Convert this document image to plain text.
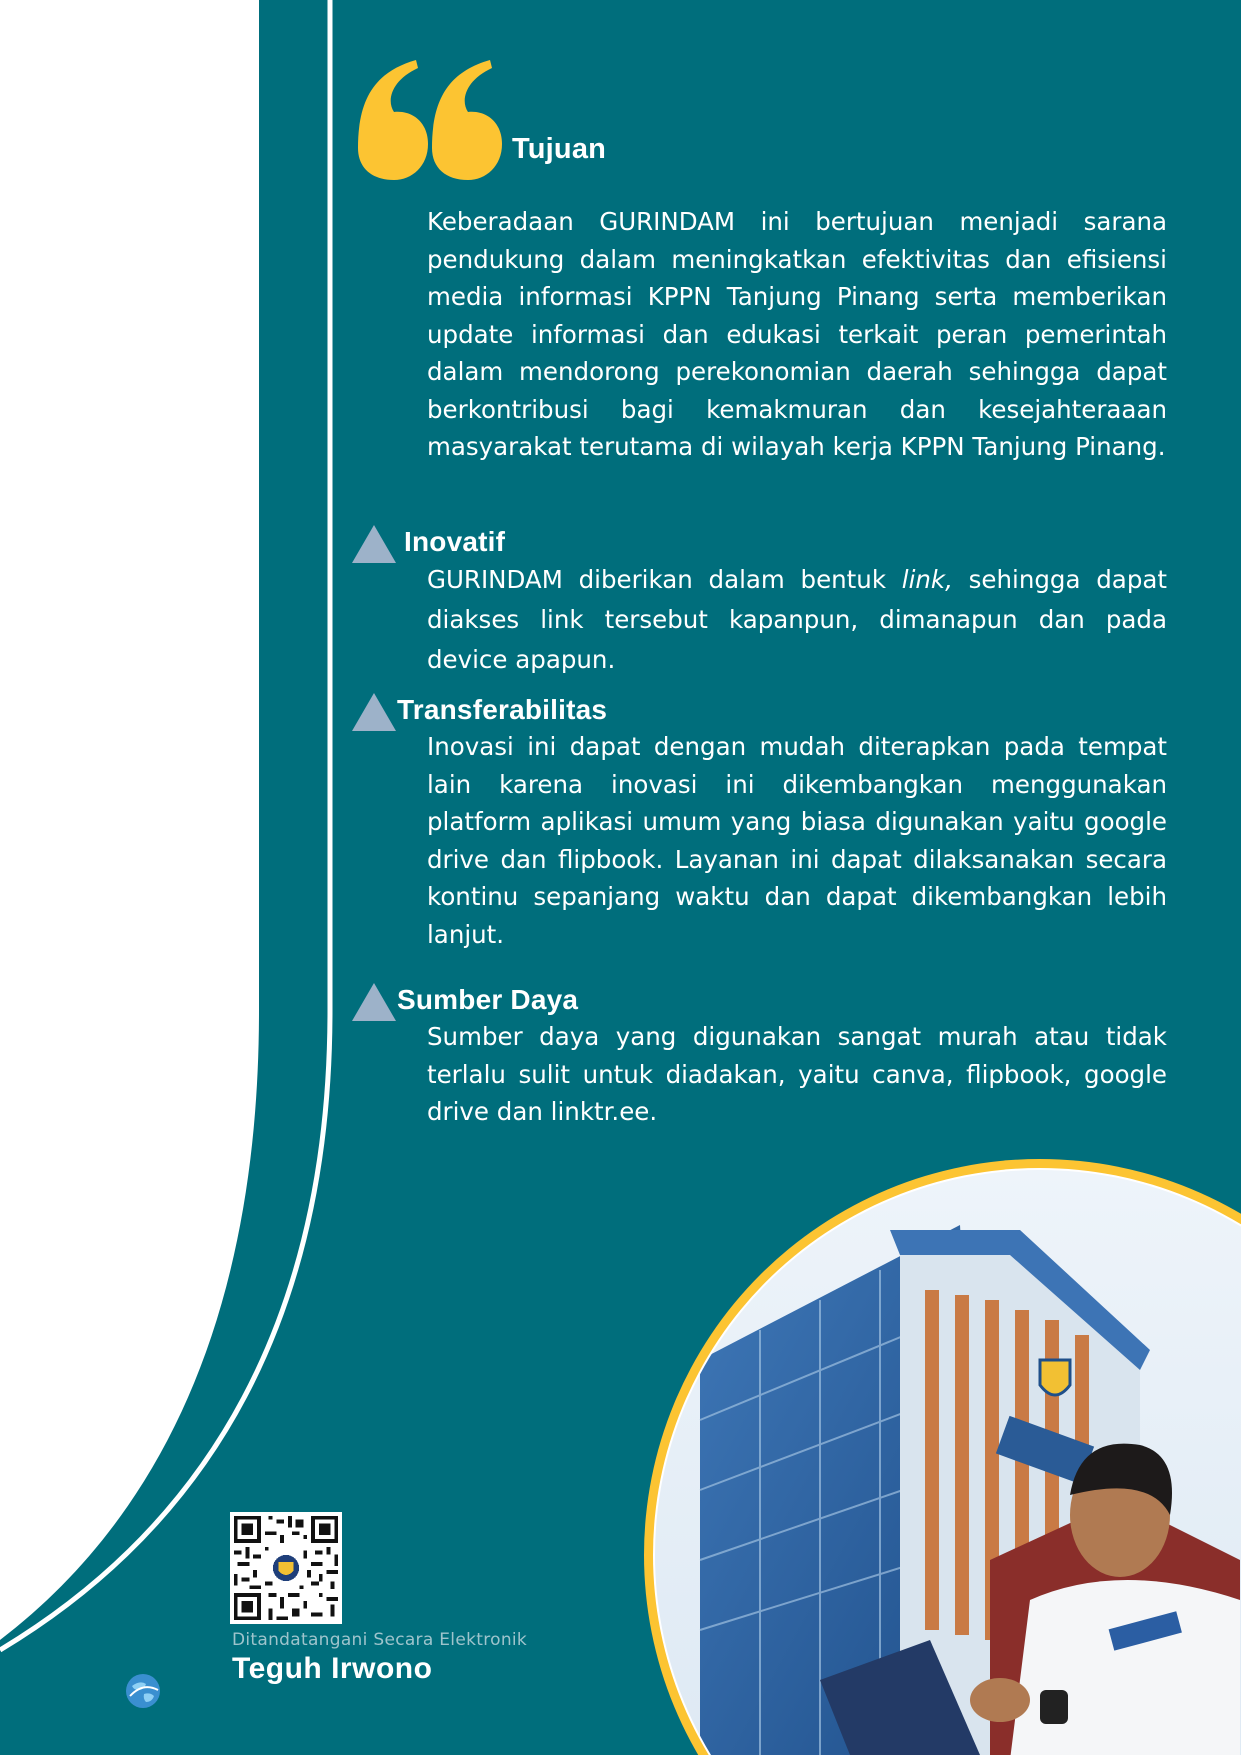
Tujuan

Keberadaan GURINDAM ini bertujuan menjadi sarana pendukung dalam meningkatkan efektivitas dan efisiensi media informasi KPPN Tanjung Pinang serta memberikan update informasi dan edukasi terkait peran pemerintah dalam mendorong perekonomian daerah sehingga dapat berkontribusi bagi kemakmuran dan kesejahteraaan masyarakat terutama di wilayah kerja KPPN Tanjung Pinang.

Inovatif

GURINDAM diberikan dalam bentuk link, sehingga dapat diakses link tersebut kapanpun, dimanapun dan pada device apapun.

Transferabilitas

Inovasi ini dapat dengan mudah diterapkan pada tempat lain karena inovasi ini dikembangkan menggunakan platform aplikasi umum yang biasa digunakan yaitu google drive dan flipbook. Layanan ini dapat dilaksanakan secara kontinu sepanjang waktu dan dapat dikembangkan lebih lanjut.

Sumber Daya

Sumber daya yang digunakan sangat murah atau tidak terlalu sulit untuk diadakan, yaitu canva, flipbook, google drive dan linktr.ee.

Ditandatangani Secara Elektronik
Teguh Irwono
